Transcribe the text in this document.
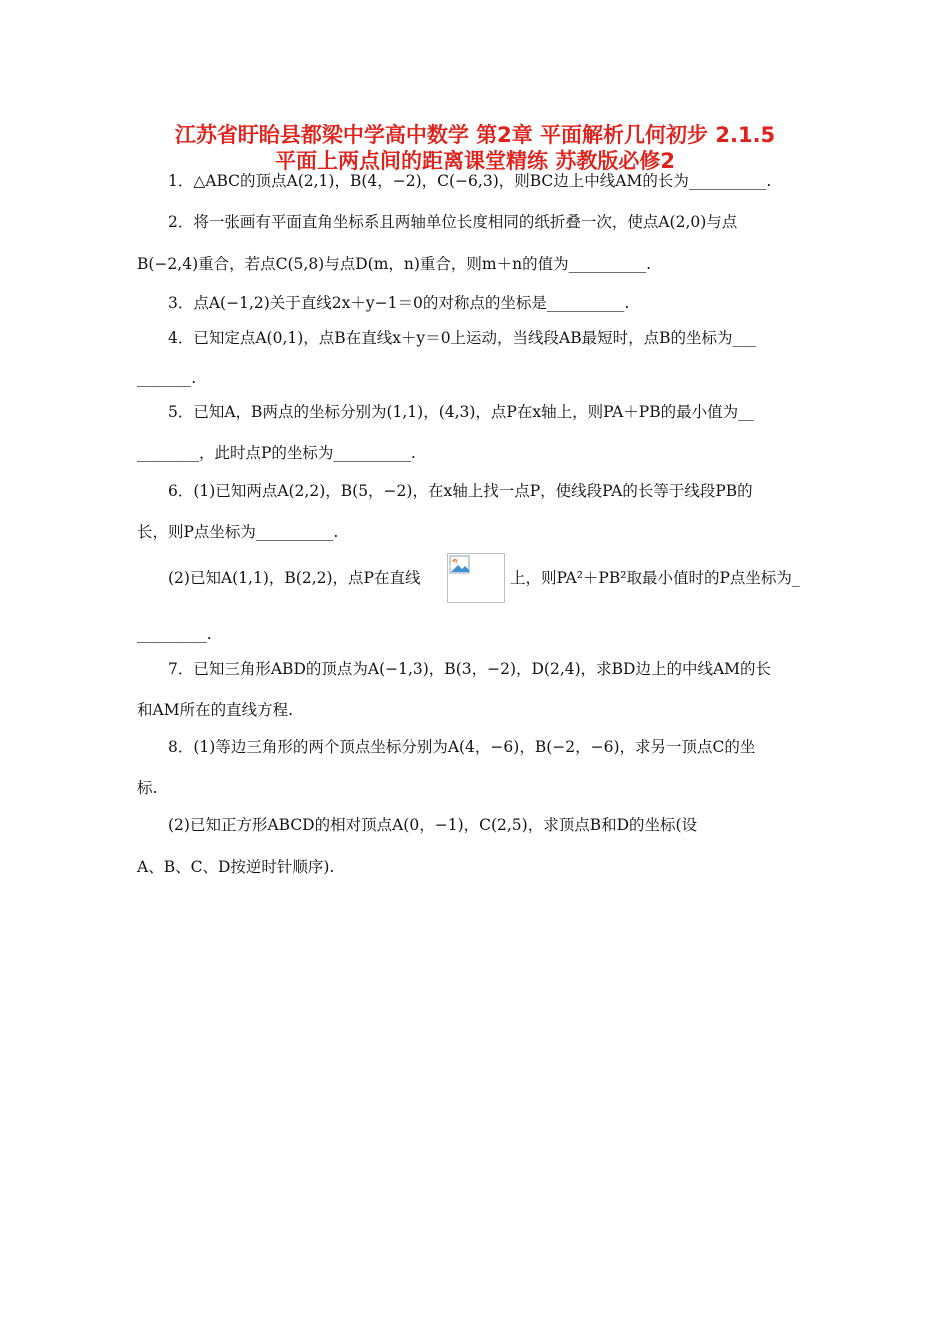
江苏省盱眙县都梁中学高中数学 第2章 平面解析几何初步 2.1.5
平面上两点间的距离课堂精练 苏教版必修2
1．△ABC的顶点A(2,1)，B(4，−2)，C(−6,3)，则BC边上中线AM的长为__________.
2．将一张画有平面直角坐标系且两轴单位长度相同的纸折叠一次，使点A(2,0)与点
B(−2,4)重合，若点C(5,8)与点D(m，n)重合，则m＋n的值为__________.
3．点A(−1,2)关于直线2x＋y−1＝0的对称点的坐标是__________.
4．已知定点A(0,1)，点B在直线x＋y＝0上运动，当线段AB最短时，点B的坐标为___
_______.
5．已知A，B两点的坐标分别为(1,1)，(4,3)，点P在x轴上，则PA＋PB的最小值为__
________，此时点P的坐标为__________.
6．(1)已知两点A(2,2)，B(5，−2)，在x轴上找一点P，使线段PA的长等于线段PB的
长，则P点坐标为__________.
(2)已知A(1,1)，B(2,2)，点P在直线	上，则PA²＋PB²取最小值时的P点坐标为_
_________.
7．已知三角形ABD的顶点为A(−1,3)，B(3，−2)，D(2,4)，求BD边上的中线AM的长
和AM所在的直线方程.
8．(1)等边三角形的两个顶点坐标分别为A(4，−6)，B(−2，−6)，求另一顶点C的坐
标.
(2)已知正方形ABCD的相对顶点A(0，−1)，C(2,5)，求顶点B和D的坐标(设
A、B、C、D按逆时针顺序).
